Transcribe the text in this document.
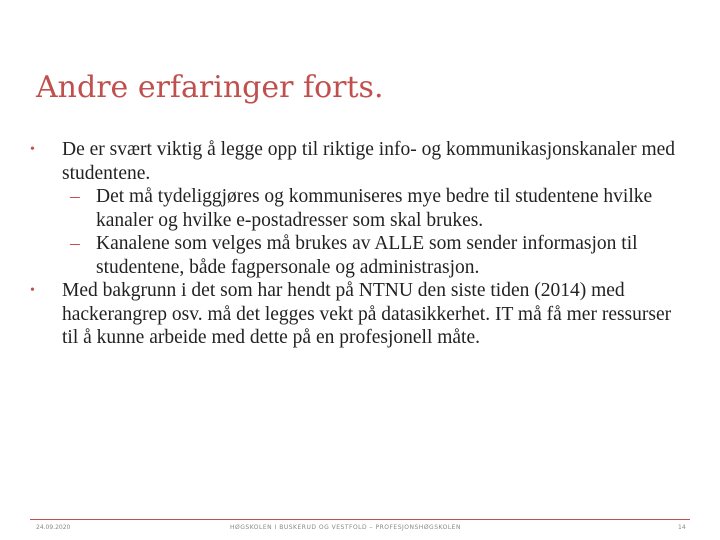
Andre erfaringer forts.
• De er svært viktig å legge opp til riktige info- og kommunikasjonskanaler med studentene.
– Det må tydeliggjøres og kommuniseres mye bedre til studentene hvilke kanaler og hvilke e-postadresser som skal brukes.
– Kanalene som velges må brukes av ALLE som sender informasjon til studentene, både fagpersonale og administrasjon.
• Med bakgrunn i det som har hendt på NTNU den siste tiden (2014) med hackerangrep osv. må det legges vekt på datasikkerhet. IT må få mer ressurser til å kunne arbeide med dette på en profesjonell måte.
24.09.2020	HØGSKOLEN I BUSKERUD OG VESTFOLD – PROFESJONSHØGSKOLEN	14
